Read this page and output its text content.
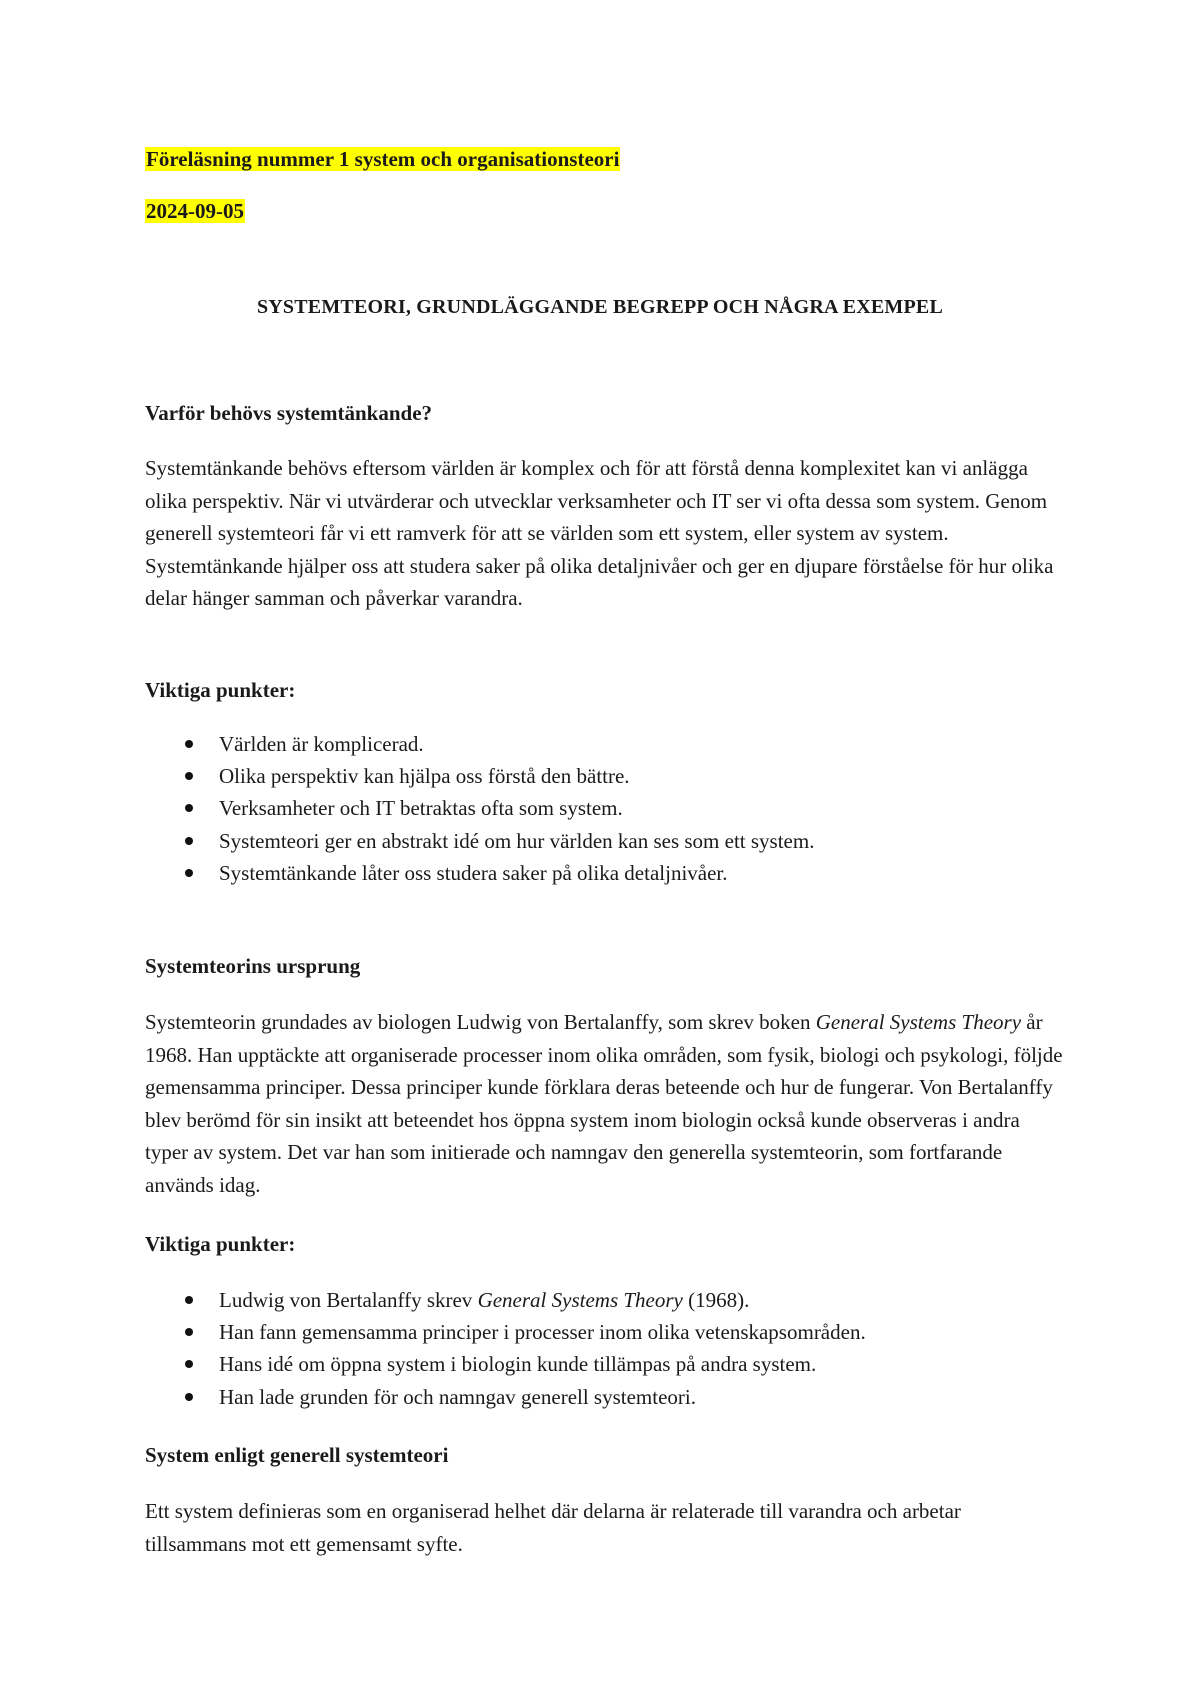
Föreläsning nummer 1 system och organisationsteori

2024-09-05

SYSTEMTEORI, GRUNDLÄGGANDE BEGREPP OCH NÅGRA EXEMPEL

Varför behövs systemtänkande?

Systemtänkande behövs eftersom världen är komplex och för att förstå denna komplexitet kan vi anlägga olika perspektiv. När vi utvärderar och utvecklar verksamheter och IT ser vi ofta dessa som system. Genom generell systemteori får vi ett ramverk för att se världen som ett system, eller system av system. Systemtänkande hjälper oss att studera saker på olika detaljnivåer och ger en djupare förståelse för hur olika delar hänger samman och påverkar varandra.

Viktiga punkter:

Världen är komplicerad.
Olika perspektiv kan hjälpa oss förstå den bättre.
Verksamheter och IT betraktas ofta som system.
Systemteori ger en abstrakt idé om hur världen kan ses som ett system.
Systemtänkande låter oss studera saker på olika detaljnivåer.

Systemteorins ursprung

Systemteorin grundades av biologen Ludwig von Bertalanffy, som skrev boken General Systems Theory år 1968. Han upptäckte att organiserade processer inom olika områden, som fysik, biologi och psykologi, följde gemensamma principer. Dessa principer kunde förklara deras beteende och hur de fungerar. Von Bertalanffy blev berömd för sin insikt att beteendet hos öppna system inom biologin också kunde observeras i andra typer av system. Det var han som initierade och namngav den generella systemteorin, som fortfarande används idag.

Viktiga punkter:

Ludwig von Bertalanffy skrev General Systems Theory (1968).
Han fann gemensamma principer i processer inom olika vetenskapsområden.
Hans idé om öppna system i biologin kunde tillämpas på andra system.
Han lade grunden för och namngav generell systemteori.

System enligt generell systemteori

Ett system definieras som en organiserad helhet där delarna är relaterade till varandra och arbetar tillsammans mot ett gemensamt syfte.
